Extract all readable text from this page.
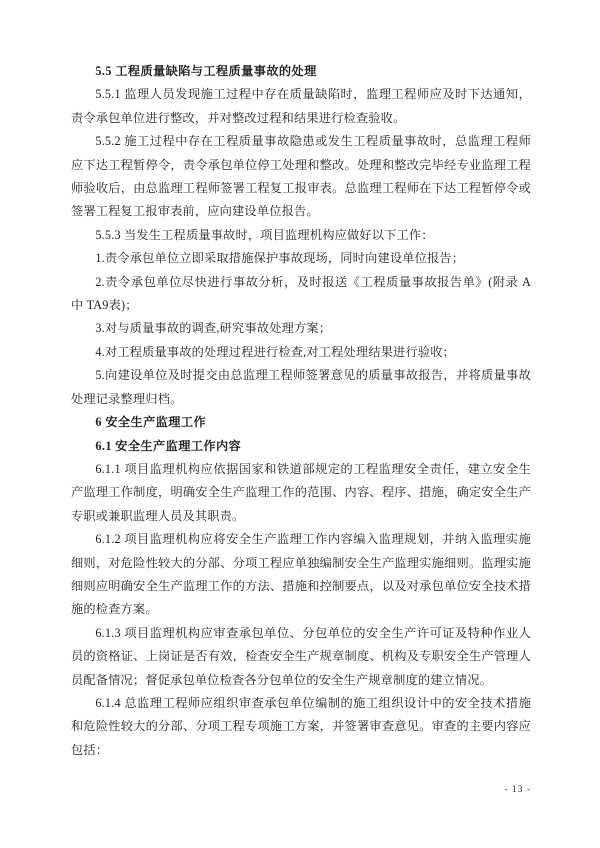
5.5 工程质量缺陷与工程质量事故的处理

5.5.1 监理人员发现施工过程中存在质量缺陷时，监理工程师应及时下达通知，责令承包单位进行整改，并对整改过程和结果进行检查验收。

5.5.2 施工过程中存在工程质量事故隐患或发生工程质量事故时，总监理工程师应下达工程暂停令，责令承包单位停工处理和整改。处理和整改完毕经专业监理工程师验收后，由总监理工程师签署工程复工报审表。总监理工程师在下达工程暂停令或签署工程复工报审表前，应向建设单位报告。

5.5.3 当发生工程质量事故时，项目监理机构应做好以下工作：

1.责令承包单位立即采取措施保护事故现场，同时向建设单位报告；

2.责令承包单位尽快进行事故分析，及时报送《工程质量事故报告单》(附录 A 中 TA9表)；

3.对与质量事故的调查,研究事故处理方案；

4.对工程质量事故的处理过程进行检查,对工程处理结果进行验收；

5.向建设单位及时提交由总监理工程师签署意见的质量事故报告，并将质量事故处理记录整理归档。

6 安全生产监理工作

6.1 安全生产监理工作内容

6.1.1 项目监理机构应依据国家和铁道部规定的工程监理安全责任，建立安全生产监理工作制度，明确安全生产监理工作的范围、内容、程序、措施，确定安全生产专职或兼职监理人员及其职责。

6.1.2 项目监理机构应将安全生产监理工作内容编入监理规划，并纳入监理实施细则，对危险性较大的分部、分项工程应单独编制安全生产监理实施细则。监理实施细则应明确安全生产监理工作的方法、措施和控制要点，以及对承包单位安全技术措施的检查方案。

6.1.3 项目监理机构应审查承包单位、分包单位的安全生产许可证及特种作业人员的资格证、上岗证是否有效，检查安全生产规章制度、机构及专职安全生产管理人员配备情况；督促承包单位检查各分包单位的安全生产规章制度的建立情况。

6.1.4 总监理工程师应组织审查承包单位编制的施工组织设计中的安全技术措施和危险性较大的分部、分项工程专项施工方案，并签署审查意见。审查的主要内容应包括：

- 13 -
